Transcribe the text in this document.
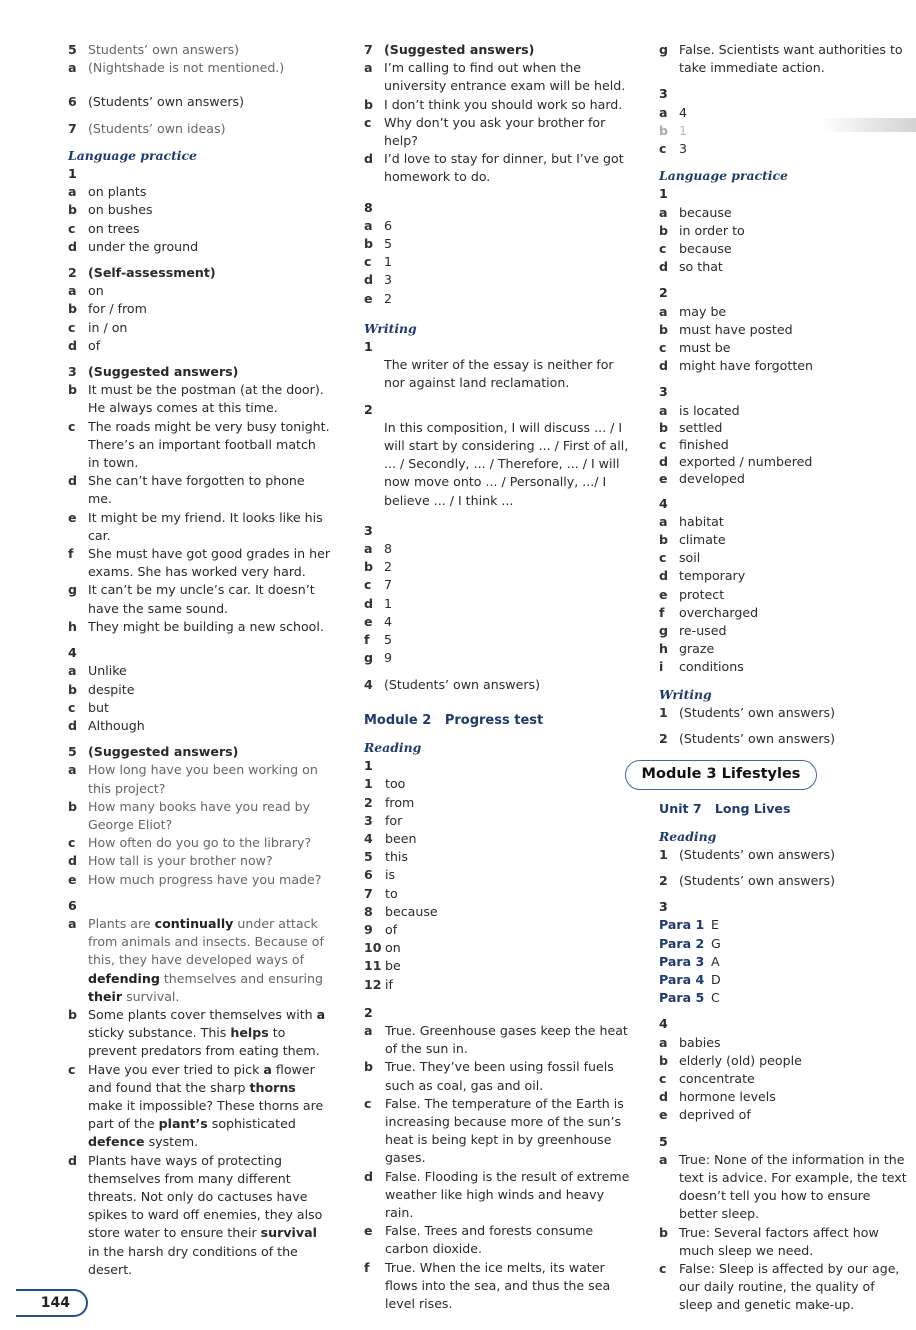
5 Students’ own answers)
a (Nightshade is not mentioned.)
6 (Students’ own answers)
7 (Students’ own ideas)
Language practice
1
a on plants
b on bushes
c on trees
d under the ground
2 (Self-assessment)
a on
b for / from
c in / on
d of
3 (Suggested answers)
b It must be the postman (at the door). He always comes at this time.
c The roads might be very busy tonight. There’s an important football match in town.
d She can’t have forgotten to phone me.
e It might be my friend. It looks like his car.
f	She must have got good grades in her exams. She has worked very hard.
g It can’t be my uncle’s car. It doesn’t have the same sound.
h They might be building a new school.
4
a Unlike
b despite
c but
d Although
5 (Suggested answers)
a How long have you been working on this project?
b How many books have you read by George Eliot?
c How often do you go to the library?
d How tall is your brother now?
e How much progress have you made?
6
a Plants are continually under attack from animals and insects. Because of this, they have developed ways of defending themselves and ensuring their survival.
b Some plants cover themselves with a sticky substance. This helps to prevent predators from eating them.
c Have you ever tried to pick a flower and found that the sharp thorns make it impossible? These thorns are part of the plant’s sophisticated defence system.
d Plants have ways of protecting themselves from many different threats. Not only do cactuses have spikes to ward off enemies, they also store water to ensure their survival in the harsh dry conditions of the desert.
7 (Suggested answers)
a I’m calling to find out when the university entrance exam will be held.
b I don’t think you should work so hard.
c Why don’t you ask your brother for help?
d I’d love to stay for dinner, but I’ve got homework to do.
8
a 6
b 5
c 1
d 3
e 2
Writing
1
The writer of the essay is neither for nor against land reclamation.
2
In this composition, I will discuss ... / I will start by considering ... / First of all, ... / Secondly, ... / Therefore, ... / I will now move onto ... / Personally, .../ I believe ... / I think ...
3
a 8
b 2
c 7
d 1
e 4
f	5
g 9
4 (Students’ own answers)
Module 2   Progress test
Reading
1
1 too
2 from
3 for
4 been
5 this
6 is
7 to
8 because
9 of
10 on
11 be
12 if
2
a True. Greenhouse gases keep the heat of the sun in.
b True. They’ve been using fossil fuels such as coal, gas and oil.
c	False. The temperature of the Earth is increasing because more of the sun’s heat is being kept in by greenhouse gases.
d False. Flooding is the result of extreme weather like high winds and heavy rain.
e False. Trees and forests consume carbon dioxide.
f	True. When the ice melts, its water flows into the sea, and thus the sea level rises.
g False. Scientists want authorities to take immediate action.
3
a 4
b 1
c 3
Language practice
1
a because
b in order to
c because
d so that
2
a may be
b must have posted
c must be
d might have forgotten
3
a is located
b settled
c finished
d exported / numbered
e developed
4
a habitat
b climate
c soil
d temporary
e protect
f	overcharged
g re-used
h graze
i	conditions
Writing
1 (Students’ own answers)
2 (Students’ own answers)
Module 3 Lifestyles
Unit 7   Long Lives
Reading
1 (Students’ own answers)
2 (Students’ own answers)
3
Para 1 E
Para 2 G
Para 3 A
Para 4 D
Para 5 C
4
a babies
b elderly (old) people
c concentrate
d hormone levels
e deprived of
5
a True: None of the information in the text is advice. For example, the text doesn’t tell you how to ensure better sleep.
b True: Several factors affect how much sleep we need.
c False: Sleep is affected by our age, our daily routine, the quality of sleep and genetic make-up.
144
